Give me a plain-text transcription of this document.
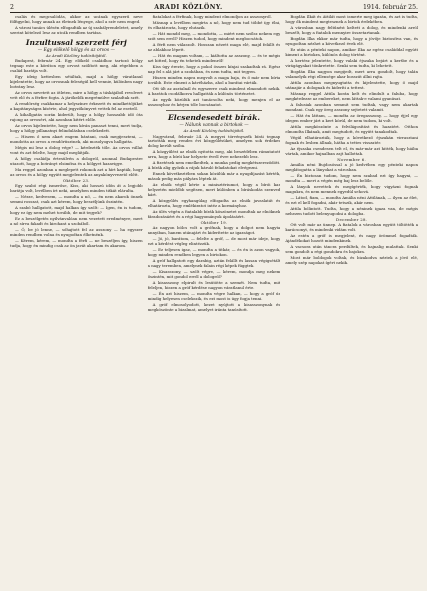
2	ARADI KÖZLÖNY.	1914. február 25.

csalás és megcsalódás, akkor az ucának egyszerű neve fölfigyelni, hogy annak az életnek lényege, ahol a szív nem enged.

A városi tanács ülésén elfogadták az új szabályrendeletet, amely szerint kötelező lesz az utcák rendben tartása.

Inzultussal szerzett férj
— Egy előkelő hölgy és az orvos —
Az Aradi Közlöny tudósítójától.

Budapest, február 24. Egy előkelő családhoz tartozó hölgy tegnap este a körúton egy orvost szólított meg, aki régebben a család barátja volt.

Egy ideig kettesben sétáltak, majd a hölgy váratlanul kijelentette, hogy az orvosnak feleségül kell vennie, különben nagy botrány lesz.

Az orvos nevetett az ötleten, mire a hölgy a táskájából revolvert vett elő és a férfire fogta. A járókelők megrémülve szaladtak szét.

A rendőrség csakhamar a helyszínre érkezett és mindkettőjüket a kapitányságra kísérte, ahol jegyzőkönyvet vettek fel az esetről.

A kihallgatás során kiderült, hogy a hölgy hosszabb idő óta rajong az orvosért, aki azonban kitért előle.

Az orvos kijelentette, hogy nem kíván panaszt tenni, mert tudja, hogy a hölgy pillanatnyi felindulásban cselekedett.

— Hiszen ő nem akart engem bántani, csak megijeszteni, — mondotta az orvos a rendőrtisztnek, aki mosolyogva hallgatta.

Mégis mi lesz a dolog vége? — kérdezték tőle. Az orvos vállat vont és azt felelte, hogy majd meglátják.

A hölgy családja értesülvén a dologról, azonnal Budapestre utazott, hogy a botrányt elsimítsa és a hölgyet hazavigye.

Ma reggel azonban a meglepett rokonok azt a hírt kapták, hogy az orvos és a hölgy együtt megjelentek az anyakönyvvezető előtt.

Október 23.

Egy szabó régi ismerőse, Kiss, aki hosszú időn át a legjobb barátja volt, levélben írt neki, amelyben minden titkát elárulta.

— Nézze, kedvesem, — mondta a nő, — én nem akarok önnek semmi rosszat, csak azt kérem, hogy beszéljünk őszintén.

A szabó hallgatott, majd halkan így szólt: — Igen, én is tudom, hogy ez így nem mehet tovább, de mit tegyek?

Ez a beszélgetés nyilvánvalóan nem vezetett eredményre, mert a nő sírva fakadt és kirohant a szobából.

— Ó, be jó lenne, — sóhajtott fel az asszony — ha egyszer minden rendben volna és nyugodtan élhetnénk.

— Kérem, kérem, — mondta a férfi — ne beszéljen így, hiszen tudja, hogy én mindig csak az ön javát akartam és akarom.

fiatalokat a férfinak, hogy mindent elmondjon az asszonyról.

Másnap a levélben megírta a nő, hogy nem tud többé így élni, és elhatározta, hogy elutazik.

— Hát mondd meg, — mondotta, — miért nem szólsz nekem egy szót sem erről? Hiszen tudod, hogy mindent megbocsátok.

A férfi nem válaszolt. Hosszan nézett maga elé, majd felállt és az ablakhoz lépett.

— Hát én magam voltam, — kiáltotta az asszony, — és te mégis azt hitted, hogy én tehetek mindenről!

Kiss úgy érezte, hogy a pokol összes kínjai szakadtak rá. Egész nap fel s alá járt a szobában, és nem tudta, mit tegyen.

Hiszen minden napra megvolt a maga baja, és ő már nem bírta tovább. Este elment a kávéházba, ahol a barátai várták.

Ott ült az asztalnál és egyszerre csak mindent elmondott nekik. A barátok csodálkozva hallgatták a különös történetet.

Az egyik közülük azt tanácsolta neki, hogy menjen el az asszonyhoz és kérjen tőle bocsánatot.

Elcsendesedett bírák.
— Nálunk vannak a birtokok —
Az Aradi Közlöny tudósítójától.

Nagyvárad, február 24. A megyei törvényszék bírái tegnap tartották meg rendes évi közgyűlésüket, amelyen sok érdekes dolog került szóba.

A közgyűlést az elnök nyitotta meg, aki beszédében rámutatott arra, hogy a bírói kar helyzete évről évre nehezebb lesz.

A fizetések nem emelkedtek, a munka pedig megkétszereződött. A bírák alig győzik a rájuk háruló feladatokat elvégezni.

Ennek következtében sokan közülük már a nyugdíjazást kérték, mások pedig más pályára léptek át.

Az elnök végül kérte a minisztériumot, hogy a bírói kar helyzetén mielőbb segítsen, mert különben a bíráskodás szenved kárt.

A közgyűlés egyhangúlag elfogadta az elnök javaslatát és elhatározta, hogy emlékiratot intéz a kormányhoz.

Az ülés végén a fiatalabb bírák köszönetet mondtak az elnöknek fáradozásáért és a régi hagyományok ápolásáért.

Október 19.

Az nagyon bölcs volt a grófnak, hogy a dolgot nem hagyta annyiban, hanem utánajárt és kiderítette az igazságot.

— Jó, jó, barátom, — felelte a gróf, — de most már ideje, hogy ezt a kérdést végleg elintézzük.

— Ez teljesen igaz, — mondta a titkár, — és én is azon vagyok, hogy minden rendben legyen a birtokon.

A gróf hallgatott egy darabig, aztán felállt és lassan végigsétált a nagy teremben, amelynek falain régi képek függtek.

— Kisasszony, — szólt végre, — kérem, mondja meg nekem őszintén, mit gondol erről a dologról?

A kisasszony elpirult és lesütötte a szemét. Nem tudta, mit feleljen, hiszen a gróf kérdése nagyon váratlanul érte.

— Én azt hiszem, — mondta végre halkan, — hogy a gróf úr mindig helyesen cselekszik, és ezt most is úgy fogja tenni.

A gróf elmosolyodott, kezet nyújtott a kisasszonynak és megköszönte a bizalmat, amelyet iránta tanúsított.

Bogdán Ilkát és Attilát most ismerte meg igazán, és azt is tudta, hogy ők mindent megtesznek a birtok érdekében.

A városban nagy feltűnést keltett a dolog, és mindenki arról beszélt, hogy a fiatalok mennyire összetartanak.

Bogdán Ilka ekkor már tudta, hogy a jövője biztosítva van, és nyugodtan nézhet a következő évek elé.

Ez után a pénteki napon, amikor Ilka az egész családdal együtt kiment a birtokra, különös dolog történt.

A kertész jelentette, hogy valaki éjszaka bejárt a kertbe és a virágágyakat tönkretette. Senki sem tudta, ki lehetett.

Bogdán Ilka nagyon megijedt, mert arra gondolt, hogy talán valamelyik régi ellensége akar bosszút állni rajta.

Attila azonban megnyugtatta és kijelentette, hogy ő majd utánajár a dolognak és kideríti a tettest.

Másnap reggel Attila korán kelt és elindult a faluba, hogy megkérdezze az embereket, nem láttak-e valami gyanúsat.

A falusiak azonban semmit sem tudtak, vagy nem akartak mondani. Csak egy öreg asszony sejtetett valamit.

— Hát én láttam, — mondta az öregasszony, — hogy éjjel egy idegen ember járt a kert körül, de nem tudom, ki volt.

Attila megköszönte a felvilágosítást és hazatért. Otthon elmondta Ilkának, amit megtudott, és együtt tanakodtak.

Végül elhatározták, hogy a következő éjszakán virrasztani fognak és lesben állnak, hátha a tettes visszatér.

Az éjszaka csendesen telt el, és már-már azt hitték, hogy hiába vártak, amikor hajnalban zajt hallottak.

November 6.

Amália néni Bujdosóssal a jó kedvében egy pénteki napon meglátogatta a lányokat a városban.

— Én biztosan tudom, hogy nem szabad ezt így hagyni, — mondta — mert a végén még baj lesz belőle.

A lányok nevettek és megígérték, hogy vigyázni fognak magukra, és nem mennek egyedül sehová.

— Látod, fiam, — mondta Amália néni Attilának, — ilyen az élet, és ezt el kell fogadni, akár tetszik, akár nem.

Attila bólintott. Tudta, hogy a néninek igaza van, de mégis nehezen tudott belenyugodni a dologba.

December 28.

Ott volt már az ünnep. A fiatalok a városban együtt töltötték a karácsonyt, és mindenki vidám volt.

Az estén a gróf is megjelent, és nagy örömmel fogadták. Ajándékokat hozott mindenkinek.

A vacsora után táncra perdültek, és hajnalig mulattak. Senki sem gondolt a régi gondokra és bajokra.

Most már boldogok voltak, és bizakodva néztek a jövő elé, amely szép napokat ígért nekik.
